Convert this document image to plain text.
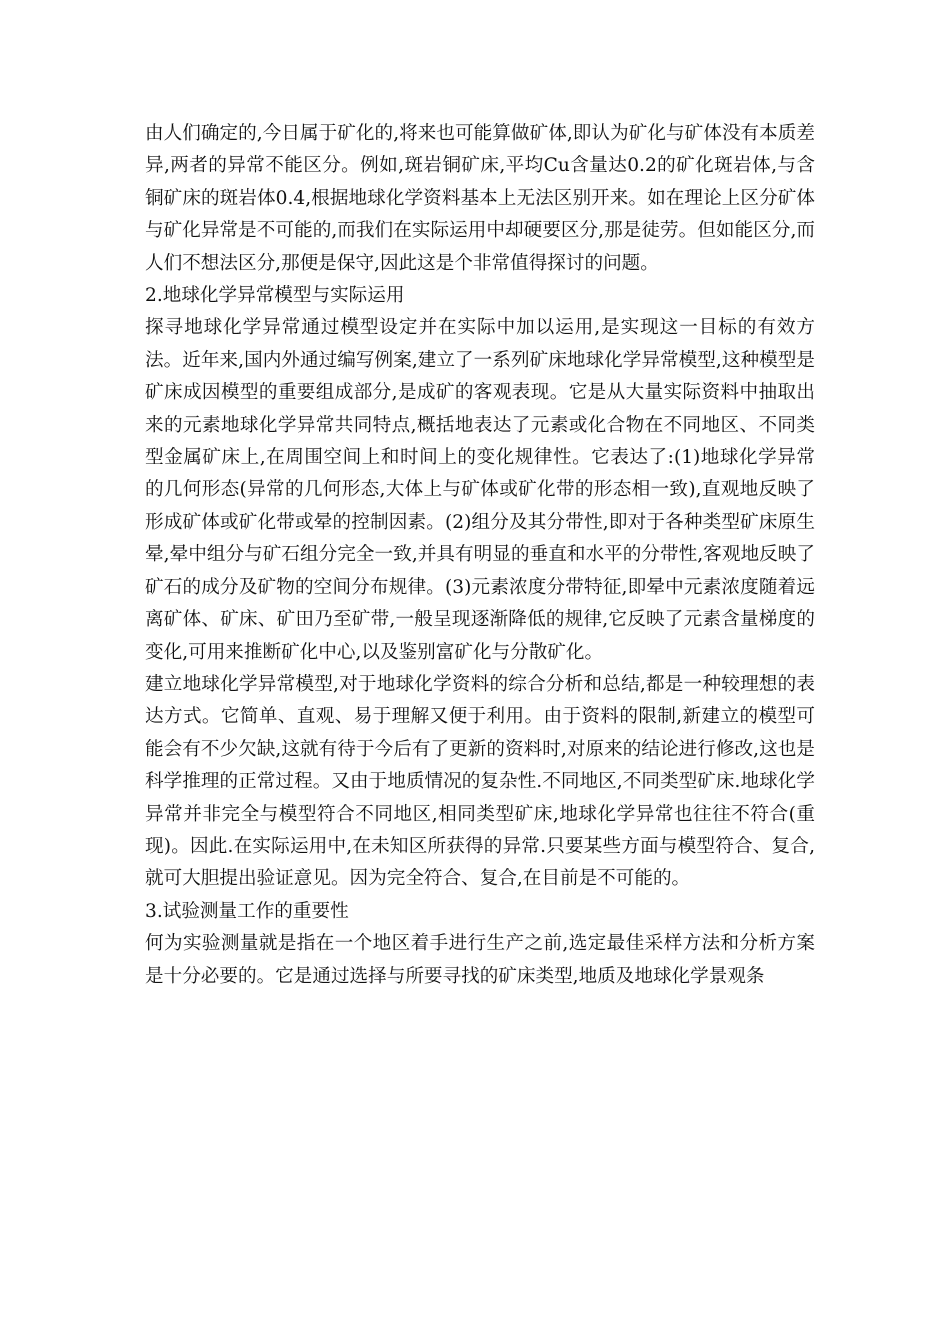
由人们确定的,今日属于矿化的,将来也可能算做矿体,即认为矿化与矿体没有本质差异,两者的异常不能区分。例如,斑岩铜矿床,平均Cu含量达0.2的矿化斑岩体,与含铜矿床的斑岩体0.4,根据地球化学资料基本上无法区别开来。如在理论上区分矿体与矿化异常是不可能的,而我们在实际运用中却硬要区分,那是徒劳。但如能区分,而人们不想法区分,那便是保守,因此这是个非常值得探讨的问题。

2.地球化学异常模型与实际运用

探寻地球化学异常通过模型设定并在实际中加以运用,是实现这一目标的有效方法。近年来,国内外通过编写例案,建立了一系列矿床地球化学异常模型,这种模型是矿床成因模型的重要组成部分,是成矿的客观表现。它是从大量实际资料中抽取出来的元素地球化学异常共同特点,概括地表达了元素或化合物在不同地区、不同类型金属矿床上,在周围空间上和时间上的变化规律性。它表达了:(1)地球化学异常的几何形态(异常的几何形态,大体上与矿体或矿化带的形态相一致),直观地反映了形成矿体或矿化带或晕的控制因素。(2)组分及其分带性,即对于各种类型矿床原生晕,晕中组分与矿石组分完全一致,并具有明显的垂直和水平的分带性,客观地反映了矿石的成分及矿物的空间分布规律。(3)元素浓度分带特征,即晕中元素浓度随着远离矿体、矿床、矿田乃至矿带,一般呈现逐渐降低的规律,它反映了元素含量梯度的变化,可用来推断矿化中心,以及鉴别富矿化与分散矿化。

建立地球化学异常模型,对于地球化学资料的综合分析和总结,都是一种较理想的表达方式。它简单、直观、易于理解又便于利用。由于资料的限制,新建立的模型可能会有不少欠缺,这就有待于今后有了更新的资料时,对原来的结论进行修改,这也是科学推理的正常过程。又由于地质情况的复杂性.不同地区,不同类型矿床.地球化学异常并非完全与模型符合不同地区,相同类型矿床,地球化学异常也往往不符合(重现)。因此.在实际运用中,在未知区所获得的异常.只要某些方面与模型符合、复合,就可大胆提出验证意见。因为完全符合、复合,在目前是不可能的。

3.试验测量工作的重要性

何为实验测量就是指在一个地区着手进行生产之前,选定最佳采样方法和分析方案是十分必要的。它是通过选择与所要寻找的矿床类型,地质及地球化学景观条
